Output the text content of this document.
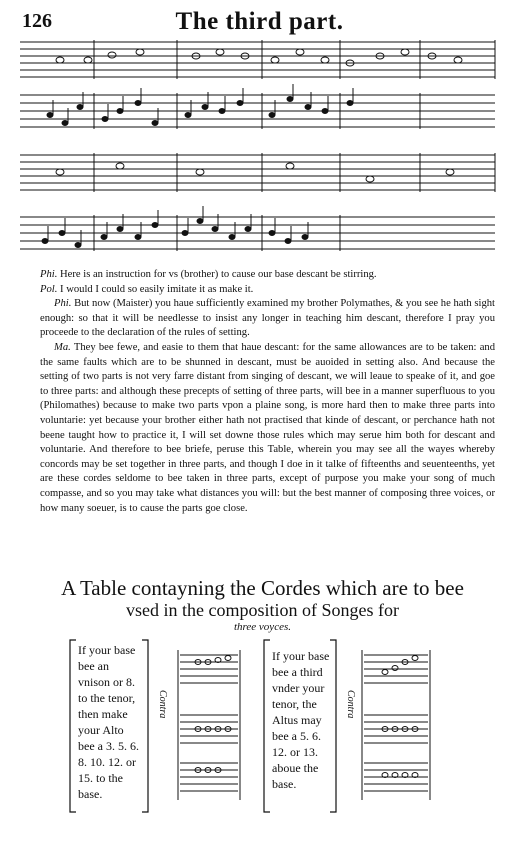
126	The third part.

Phi. Here is an instruction for vs (brother) to cause our base descant be stirring.

Pol. I would I could so easily imitate it as make it.

Phi. But now (Maister) you haue sufficiently examined my brother Polymathes, & you see he hath sight enough: so that it will be needlesse to insist any longer in teaching him descant, therefore I pray you proceede to the declaration of the rules of setting.

Ma. They bee fewe, and easie to them that haue descant: for the same allowances are to be taken: and the same faults which are to be shunned in descant, must be auoided in setting also. And because the setting of two parts is not very farre distant from singing of descant, we will leaue to speake of it, and goe to three parts: and although these precepts of setting of three parts, will bee in a manner superfluous to you (Philomathes) because to make two parts vpon a plaine song, is more hard then to make three parts into voluntarie: yet because your brother either hath not practised that kinde of descant, or perchance hath not beene taught how to practice it, I will set downe those rules which may serue him both for descant and voluntarie. And therefore to bee briefe, peruse this Table, wherein you may see all the wayes whereby concords may be set together in three parts, and though I doe in it talke of fifteenths and seuenteenths, yet are these cordes seldome to bee taken in three parts, except of purpose you make your song of much compasse, and so you may take what distances you will: but the best manner of composing three voices, or how many soeuer, is to cause the parts goe close.

A Table contayning the Cordes which are to bee
vsed in the composition of Songes for
three voyces.
If your base bee an vnison or 8. to the tenor, then make your Alto bee a 3. 5. 6. 8. 10. 12. or 15. to the base.
If your base bee a third vnder your tenor, the Altus may bee a 5. 6. 12. or 13. aboue the base.
Contra	Contra
